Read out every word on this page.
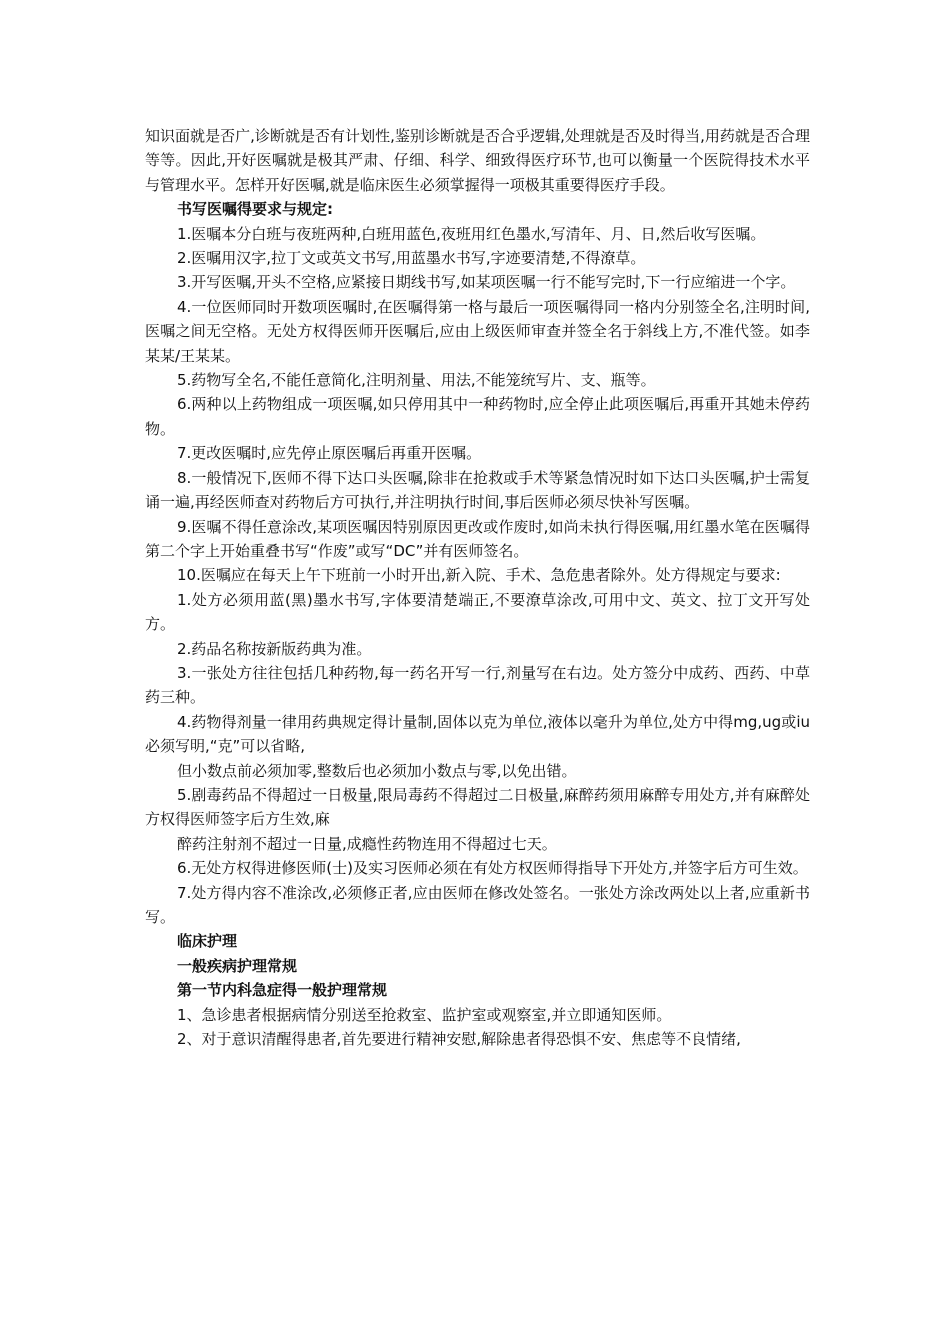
知识面就是否广,诊断就是否有计划性,鉴别诊断就是否合乎逻辑,处理就是否及时得当,用药就是否合理等等。因此,开好医嘱就是极其严肃、仔细、科学、细致得医疗环节,也可以衡量一个医院得技术水平与管理水平。怎样开好医嘱,就是临床医生必须掌握得一项极其重要得医疗手段。

书写医嘱得要求与规定:

1.医嘱本分白班与夜班两种,白班用蓝色,夜班用红色墨水,写清年、月、日,然后收写医嘱。

2.医嘱用汉字,拉丁文或英文书写,用蓝墨水书写,字迹要清楚,不得潦草。

3.开写医嘱,开头不空格,应紧接日期线书写,如某项医嘱一行不能写完时,下一行应缩进一个字。

4.一位医师同时开数项医嘱时,在医嘱得第一格与最后一项医嘱得同一格内分别签全名,注明时间,医嘱之间无空格。无处方权得医师开医嘱后,应由上级医师审查并签全名于斜线上方,不准代签。如李某某/王某某。

5.药物写全名,不能任意简化,注明剂量、用法,不能笼统写片、支、瓶等。

6.两种以上药物组成一项医嘱,如只停用其中一种药物时,应全停止此项医嘱后,再重开其她未停药物。

7.更改医嘱时,应先停止原医嘱后再重开医嘱。

8.一般情况下,医师不得下达口头医嘱,除非在抢救或手术等紧急情况时如下达口头医嘱,护士需复诵一遍,再经医师查对药物后方可执行,并注明执行时间,事后医师必须尽快补写医嘱。

9.医嘱不得任意涂改,某项医嘱因特别原因更改或作废时,如尚未执行得医嘱,用红墨水笔在医嘱得第二个字上开始重叠书写“作废”或写“DC”并有医师签名。

10.医嘱应在每天上午下班前一小时开出,新入院、手术、急危患者除外。处方得规定与要求:

1.处方必须用蓝(黑)墨水书写,字体要清楚端正,不要潦草涂改,可用中文、英文、拉丁文开写处方。

2.药品名称按新版药典为准。

3.一张处方往往包括几种药物,每一药名开写一行,剂量写在右边。处方签分中成药、西药、中草药三种。

4.药物得剂量一律用药典规定得计量制,固体以克为单位,液体以毫升为单位,处方中得mg,ug或iu必须写明,“克”可以省略,

但小数点前必须加零,整数后也必须加小数点与零,以免出错。

5.剧毒药品不得超过一日极量,限局毒药不得超过二日极量,麻醉药须用麻醉专用处方,并有麻醉处方权得医师签字后方生效,麻

醉药注射剂不超过一日量,成瘾性药物连用不得超过七天。

6.无处方权得进修医师(士)及实习医师必须在有处方权医师得指导下开处方,并签字后方可生效。

7.处方得内容不准涂改,必须修正者,应由医师在修改处签名。一张处方涂改两处以上者,应重新书写。

临床护理

一般疾病护理常规

第一节内科急症得一般护理常规

1、急诊患者根据病情分别送至抢救室、监护室或观察室,并立即通知医师。

2、对于意识清醒得患者,首先要进行精神安慰,解除患者得恐惧不安、焦虑等不良情绪,
